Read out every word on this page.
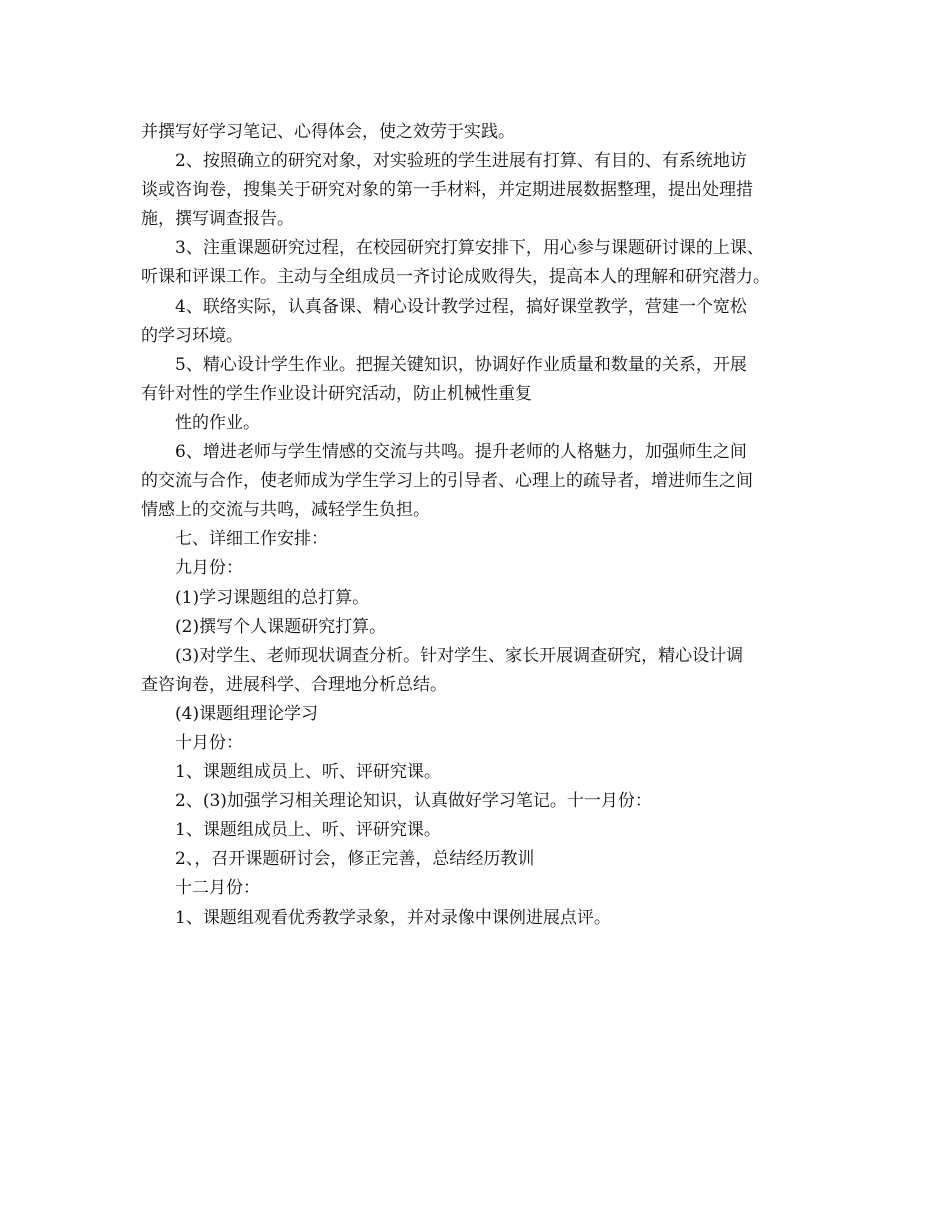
并撰写好学习笔记、心得体会，使之效劳于实践。
2、按照确立的研究对象，对实验班的学生进展有打算、有目的、有系统地访
谈或咨询卷，搜集关于研究对象的第一手材料，并定期进展数据整理，提出处理措
施，撰写调查报告。
3、注重课题研究过程，在校园研究打算安排下，用心参与课题研讨课的上课、
听课和评课工作。主动与全组成员一齐讨论成败得失，提高本人的理解和研究潜力。
4、联络实际，认真备课、精心设计教学过程，搞好课堂教学，营建一个宽松
的学习环境。
5、精心设计学生作业。把握关键知识，协调好作业质量和数量的关系，开展
有针对性的学生作业设计研究活动，防止机械性重复
性的作业。
6、增进老师与学生情感的交流与共鸣。提升老师的人格魅力，加强师生之间
的交流与合作，使老师成为学生学习上的引导者、心理上的疏导者，增进师生之间
情感上的交流与共鸣，减轻学生负担。
七、详细工作安排：
九月份：
(1)学习课题组的总打算。
(2)撰写个人课题研究打算。
(3)对学生、老师现状调查分析。针对学生、家长开展调查研究，精心设计调
查咨询卷，进展科学、合理地分析总结。
(4)课题组理论学习
十月份：
1、课题组成员上、听、评研究课。
2、(3)加强学习相关理论知识，认真做好学习笔记。十一月份：
1、课题组成员上、听、评研究课。
2、，召开课题研讨会，修正完善，总结经历教训
十二月份：
1、课题组观看优秀教学录象，并对录像中课例进展点评。
